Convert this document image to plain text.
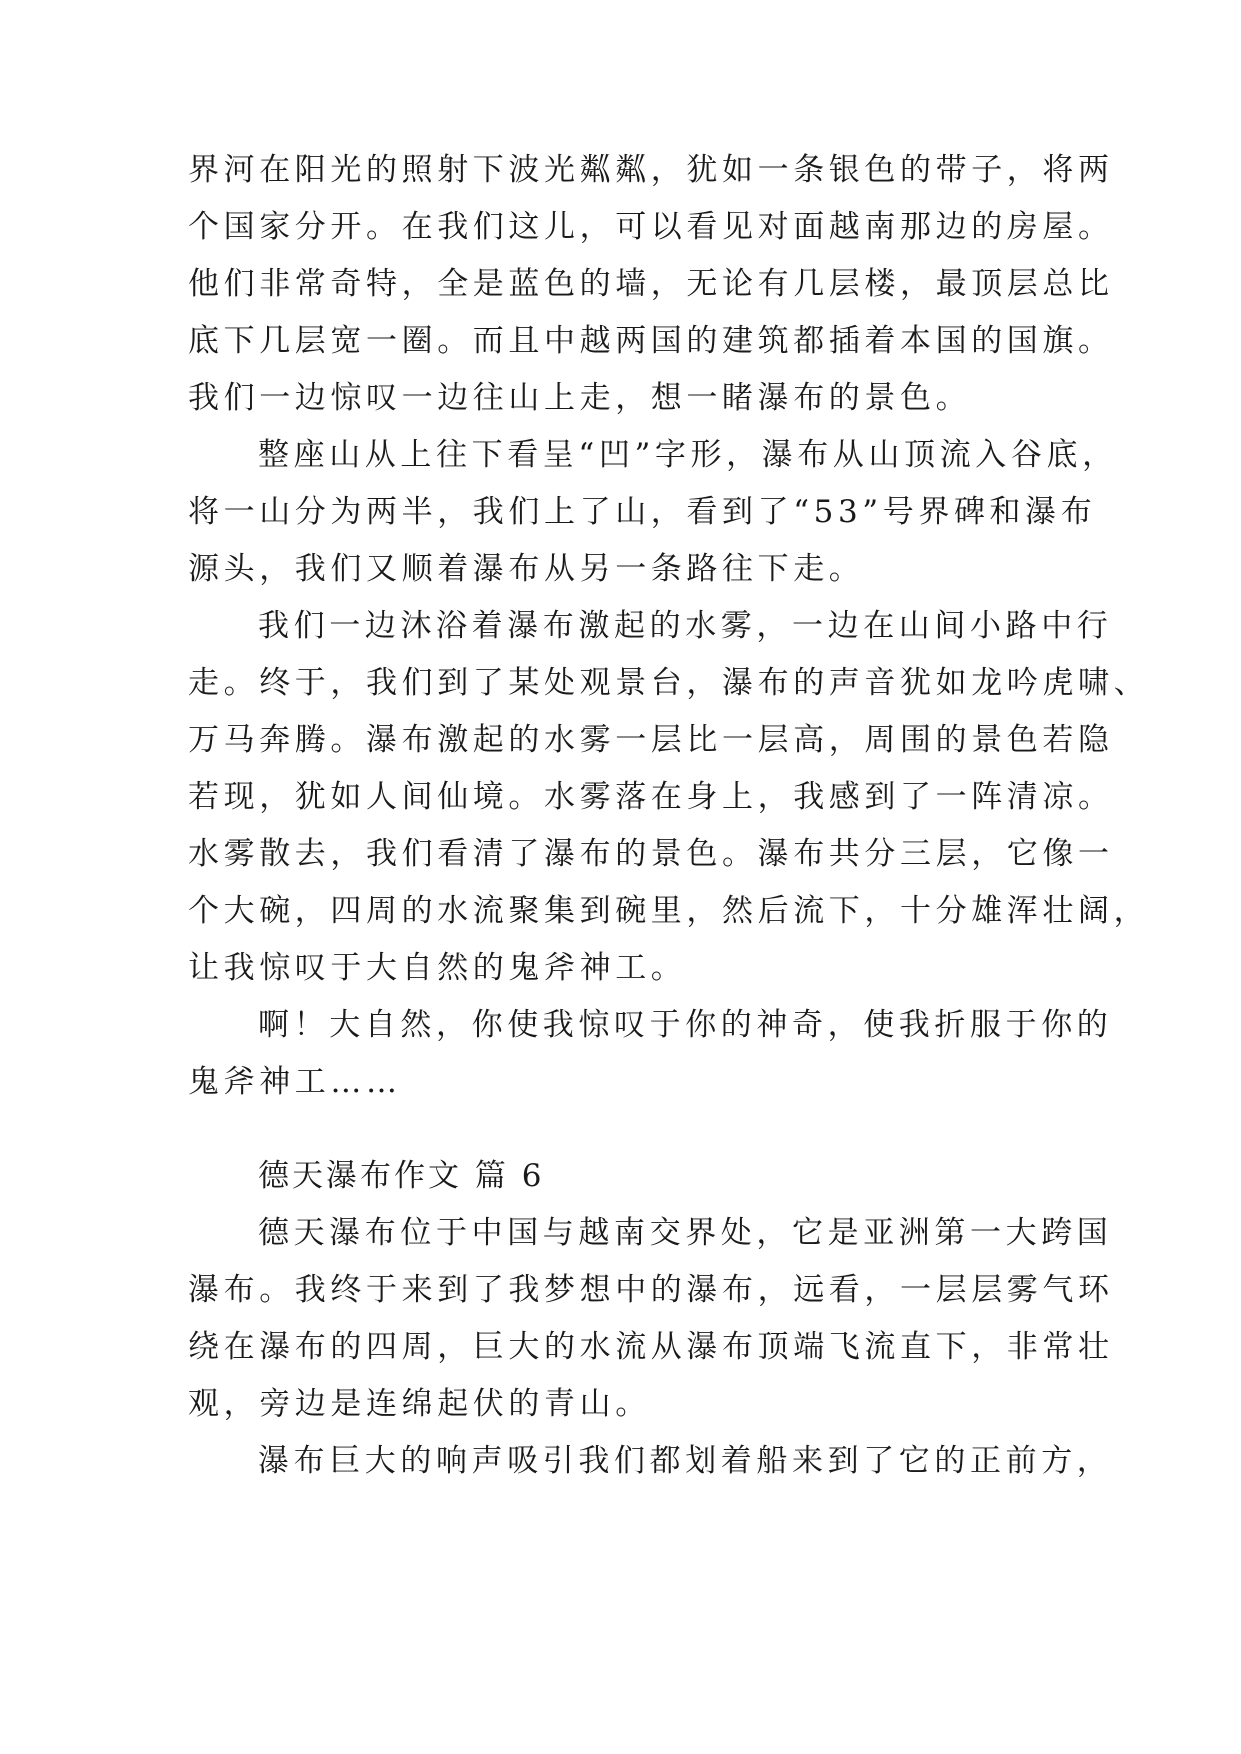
界河在阳光的照射下波光粼粼，犹如一条银色的带子，将两
个国家分开。在我们这儿，可以看见对面越南那边的房屋。
他们非常奇特，全是蓝色的墙，无论有几层楼，最顶层总比
底下几层宽一圈。而且中越两国的建筑都插着本国的国旗。
我们一边惊叹一边往山上走，想一睹瀑布的景色。
整座山从上往下看呈“凹”字形，瀑布从山顶流入谷底，
将一山分为两半，我们上了山，看到了“53”号界碑和瀑布
源头，我们又顺着瀑布从另一条路往下走。
我们一边沐浴着瀑布激起的水雾，一边在山间小路中行
走。终于，我们到了某处观景台，瀑布的声音犹如龙吟虎啸、
万马奔腾。瀑布激起的水雾一层比一层高，周围的景色若隐
若现，犹如人间仙境。水雾落在身上，我感到了一阵清凉。
水雾散去，我们看清了瀑布的景色。瀑布共分三层，它像一
个大碗，四周的水流聚集到碗里，然后流下，十分雄浑壮阔，
让我惊叹于大自然的鬼斧神工。
啊！大自然，你使我惊叹于你的神奇，使我折服于你的
鬼斧神工……
德天瀑布作文 篇 6
德天瀑布位于中国与越南交界处，它是亚洲第一大跨国
瀑布。我终于来到了我梦想中的瀑布，远看，一层层雾气环
绕在瀑布的四周，巨大的水流从瀑布顶端飞流直下，非常壮
观，旁边是连绵起伏的青山。
瀑布巨大的响声吸引我们都划着船来到了它的正前方，
